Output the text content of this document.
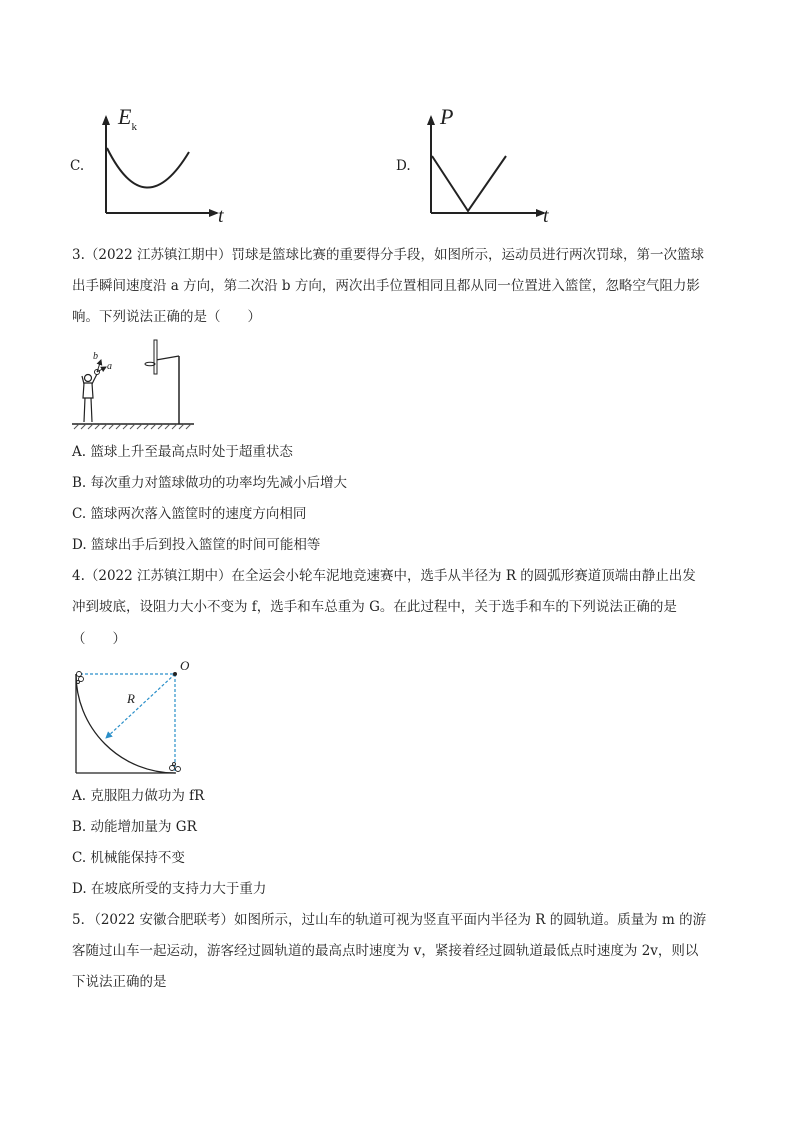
C.
$E_k$
t
D.
P
t
3.（2022 江苏镇江期中）罚球是篮球比赛的重要得分手段，如图所示，运动员进行两次罚球，第一次篮球
出手瞬间速度沿 a 方向，第二次沿 b 方向，两次出手位置相同且都从同一位置进入篮筐，忽略空气阻力影
响。下列说法正确的是（　　）
b
a
A. 篮球上升至最高点时处于超重状态
B. 每次重力对篮球做功的功率均先减小后增大
C. 篮球两次落入篮筐时的速度方向相同
D. 篮球出手后到投入篮筐的时间可能相等
4.（2022 江苏镇江期中）在全运会小轮车泥地竞速赛中，选手从半径为 R 的圆弧形赛道顶端由静止出发
冲到坡底，设阻力大小不变为 f，选手和车总重为 G。在此过程中，关于选手和车的下列说法正确的是
（　　）
O
R
A. 克服阻力做功为 fR
B. 动能增加量为 GR
C. 机械能保持不变
D. 在坡底所受的支持力大于重力
5．（2022 安徽合肥联考）如图所示，过山车的轨道可视为竖直平面内半径为 R 的圆轨道。质量为 m 的游
客随过山车一起运动，游客经过圆轨道的最高点时速度为 v，紧接着经过圆轨道最低点时速度为 2v，则以
下说法正确的是
